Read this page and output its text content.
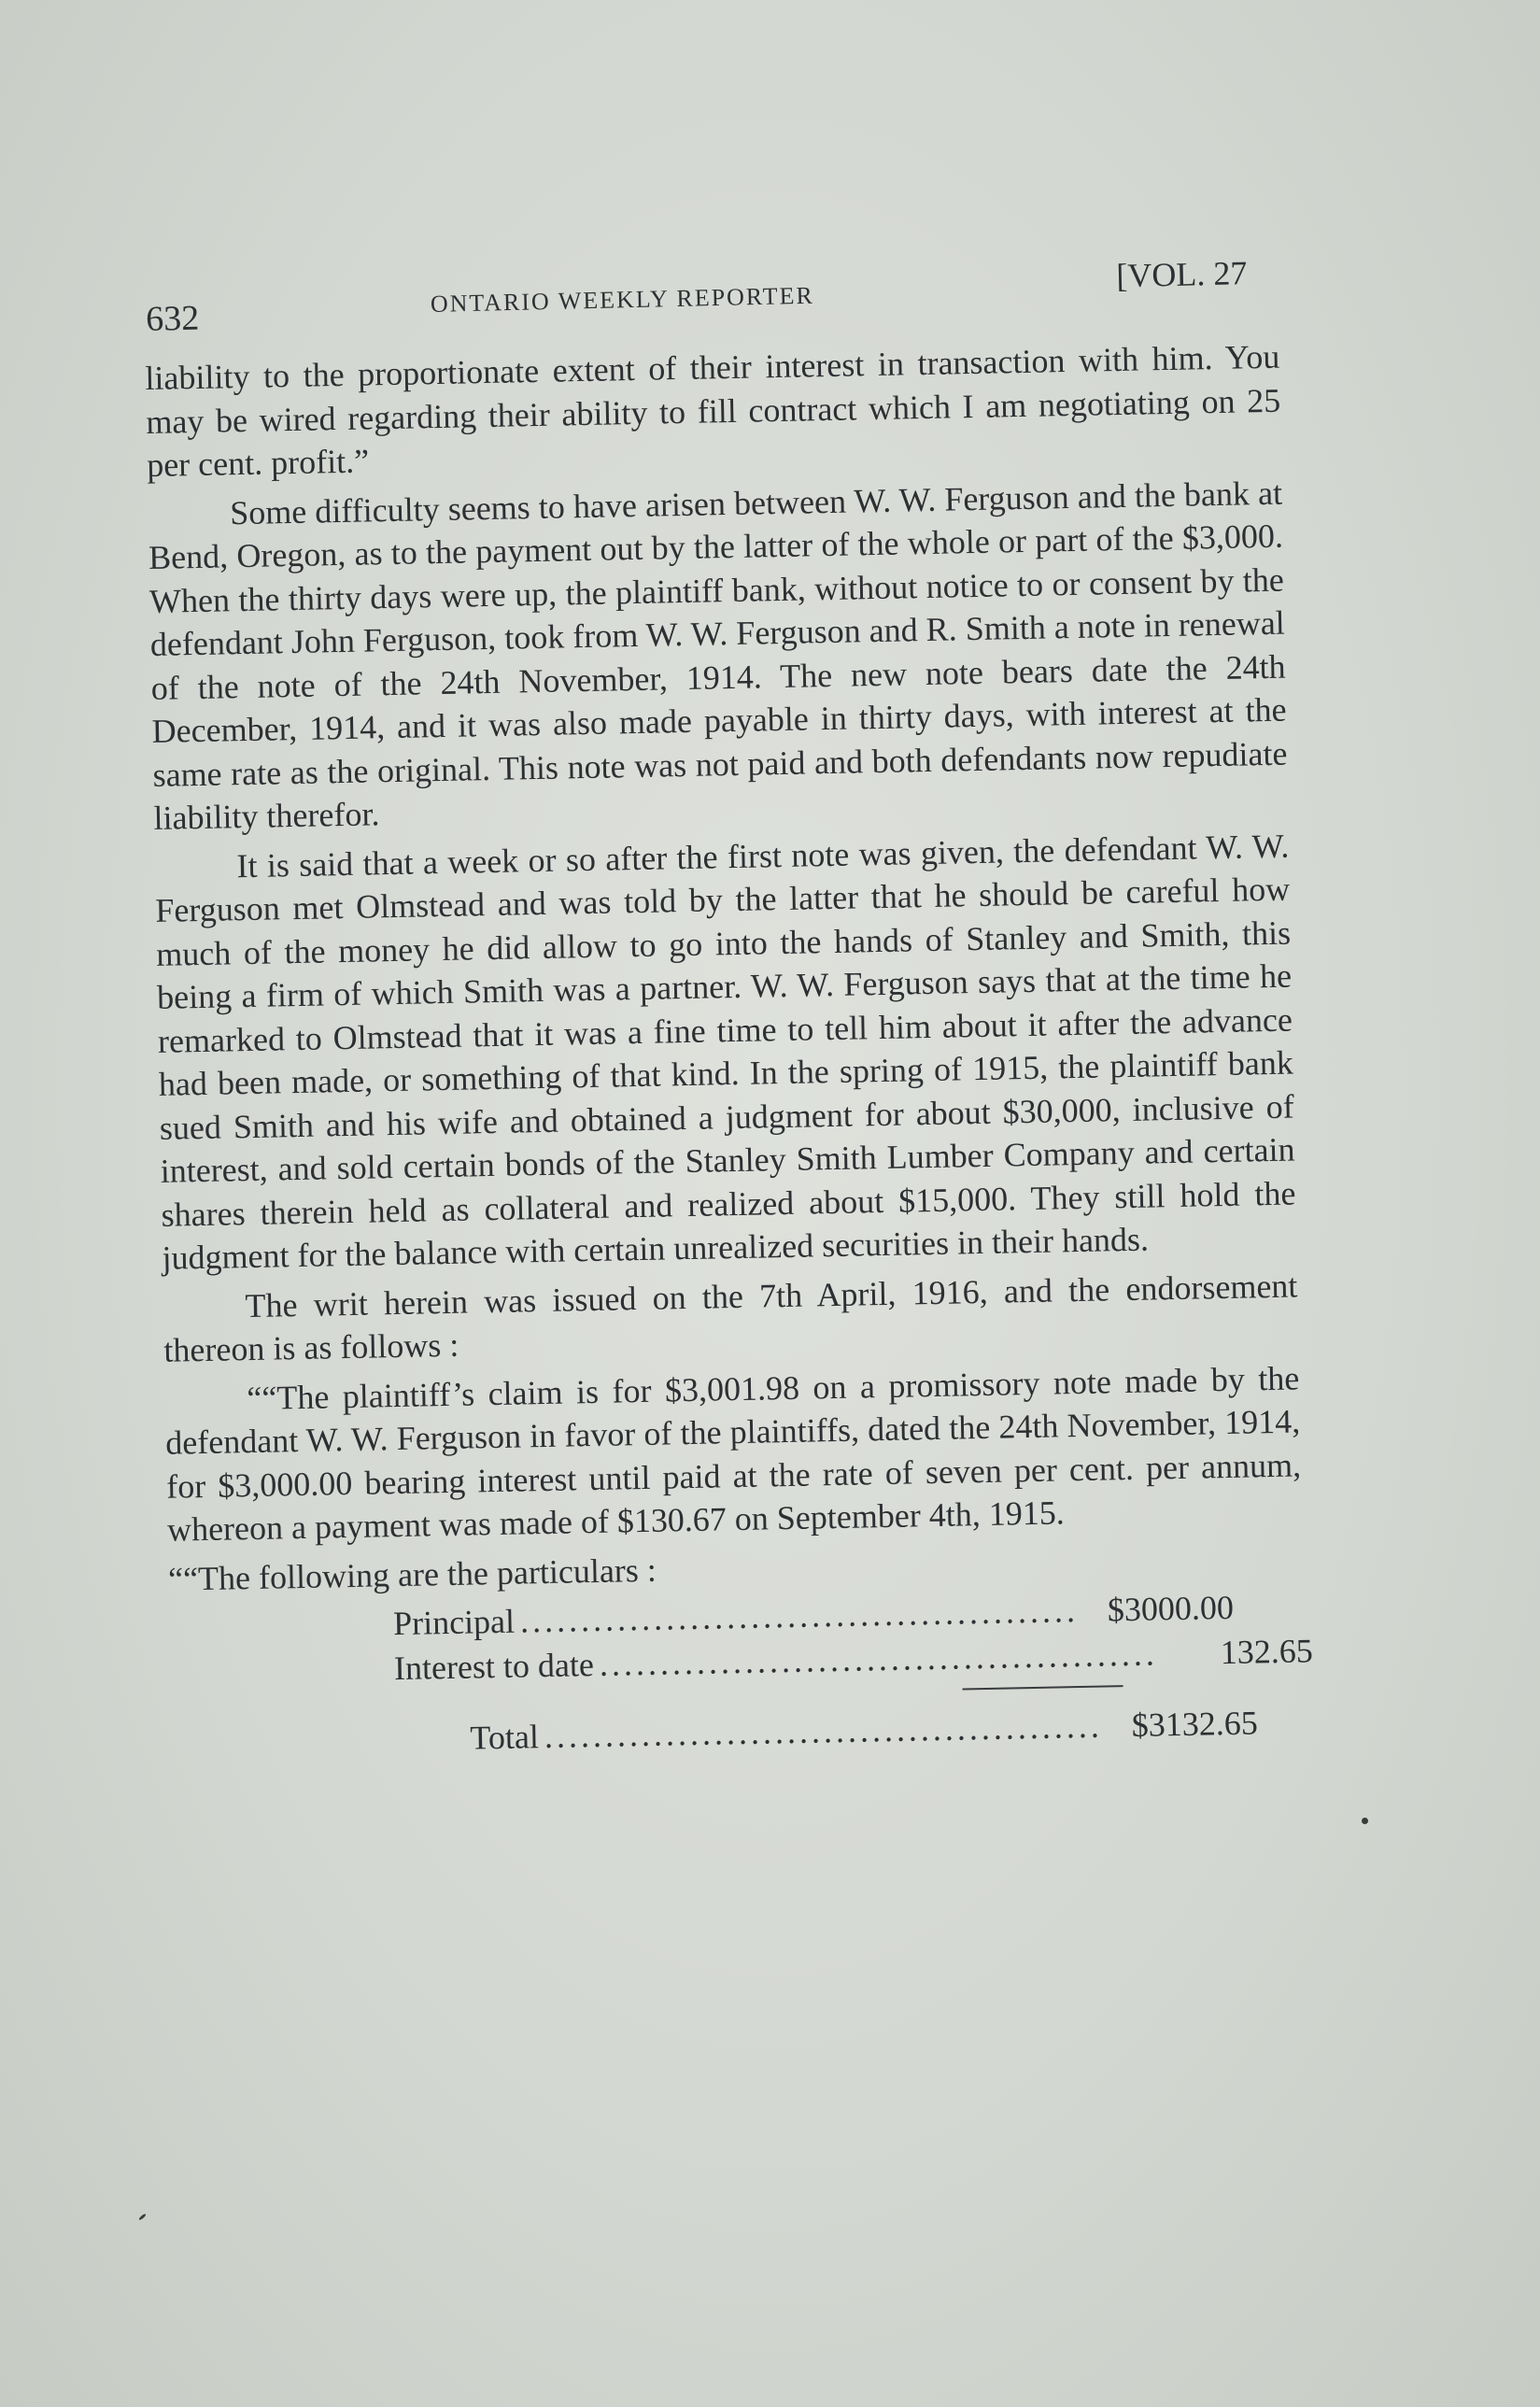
632	ONTARIO WEEKLY REPORTER
[VOL. 27

liability to the proportionate extent of their interest in transaction with him. You may be wired regarding their ability to fill contract which I am negotiating on 25 per cent. profit.”

Some difficulty seems to have arisen between W. W. Ferguson and the bank at Bend, Oregon, as to the payment out by the latter of the whole or part of the $3,000. When the thirty days were up, the plaintiff bank, without notice to or consent by the defendant John Ferguson, took from W. W. Ferguson and R. Smith a note in renewal of the note of the 24th November, 1914. The new note bears date the 24th December, 1914, and it was also made payable in thirty days, with interest at the same rate as the original. This note was not paid and both defendants now repudiate liability therefor.

It is said that a week or so after the first note was given, the defendant W. W. Ferguson met Olmstead and was told by the latter that he should be careful how much of the money he did allow to go into the hands of Stanley and Smith, this being a firm of which Smith was a partner. W. W. Ferguson says that at the time he remarked to Olmstead that it was a fine time to tell him about it after the advance had been made, or something of that kind. In the spring of 1915, the plaintiff bank sued Smith and his wife and obtained a judgment for about $30,000, inclusive of interest, and sold certain bonds of the Stanley Smith Lumber Company and certain shares therein held as collateral and realized about $15,000. They still hold the judgment for the balance with certain unrealized securities in their hands.

The writ herein was issued on the 7th April, 1916, and the endorsement thereon is as follows :

““The plaintiff’s claim is for $3,001.98 on a promissory note made by the defendant W. W. Ferguson in favor of the plaintiffs, dated the 24th November, 1914, for $3,000.00 bearing interest until paid at the rate of seven per cent. per annum, whereon a payment was made of $130.67 on September 4th, 1915.

““The following are the particulars :

Principal .............................................. $3000.00
Interest to date ..............................................	132.65
Total .............................................. $3132.65
